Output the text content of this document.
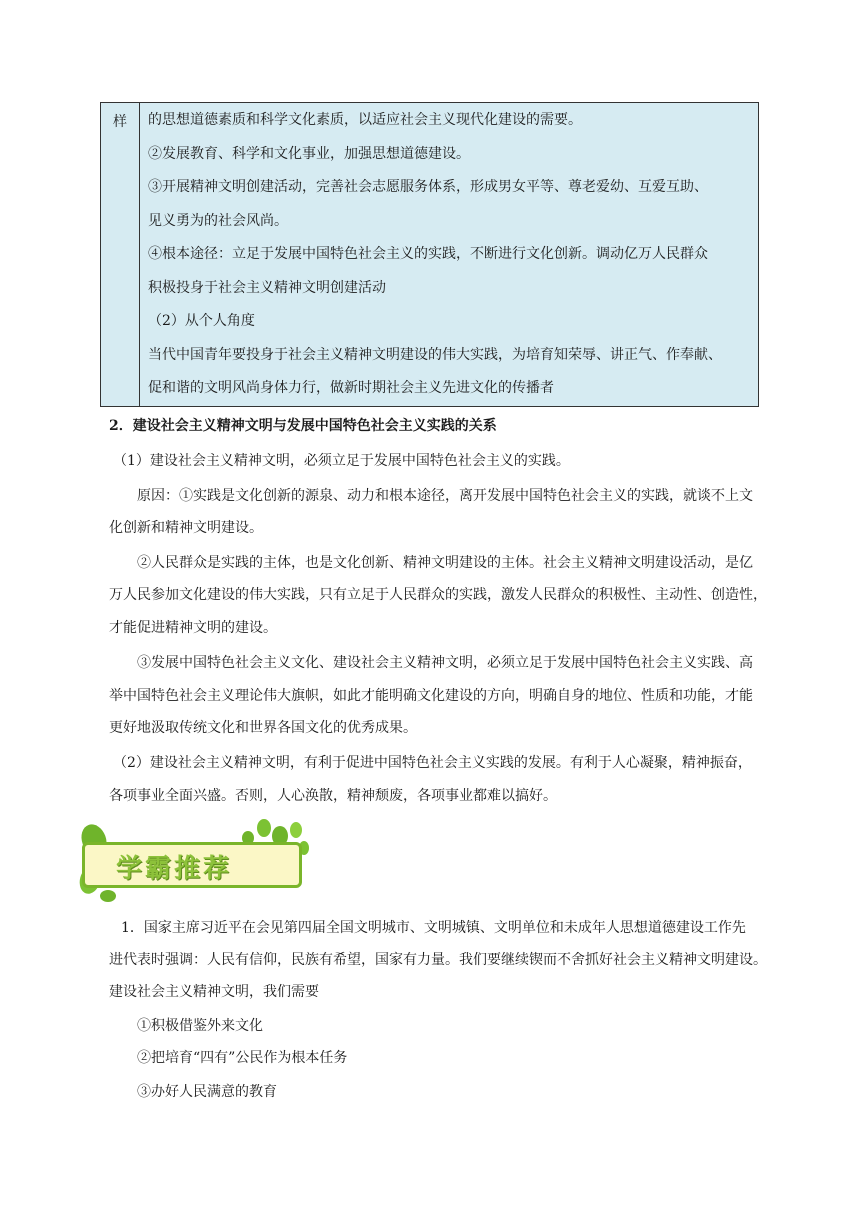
样	的思想道德素质和科学文化素质，以适应社会主义现代化建设的需要。

②发展教育、科学和文化事业，加强思想道德建设。

③开展精神文明创建活动，完善社会志愿服务体系，形成男女平等、尊老爱幼、互爱互助、

见义勇为的社会风尚。

④根本途径：立足于发展中国特色社会主义的实践，不断进行文化创新。调动亿万人民群众

积极投身于社会主义精神文明创建活动

（2）从个人角度

当代中国青年要投身于社会主义精神文明建设的伟大实践，为培育知荣辱、讲正气、作奉献、

促和谐的文明风尚身体力行，做新时期社会主义先进文化的传播者

2．建设社会主义精神文明与发展中国特色社会主义实践的关系
（1）建设社会主义精神文明，必须立足于发展中国特色社会主义的实践。
原因：①实践是文化创新的源泉、动力和根本途径，离开发展中国特色社会主义的实践，就谈不上文
化创新和精神文明建设。
②人民群众是实践的主体，也是文化创新、精神文明建设的主体。社会主义精神文明建设活动，是亿
万人民参加文化建设的伟大实践，只有立足于人民群众的实践，激发人民群众的积极性、主动性、创造性，
才能促进精神文明的建设。
③发展中国特色社会主义文化、建设社会主义精神文明，必须立足于发展中国特色社会主义实践、高
举中国特色社会主义理论伟大旗帜，如此才能明确文化建设的方向，明确自身的地位、性质和功能，才能
更好地汲取传统文化和世界各国文化的优秀成果。
（2）建设社会主义精神文明，有利于促进中国特色社会主义实践的发展。有利于人心凝聚，精神振奋，
各项事业全面兴盛。否则，人心涣散，精神颓废，各项事业都难以搞好。
学霸推荐
1．国家主席习近平在会见第四届全国文明城市、文明城镇、文明单位和未成年人思想道德建设工作先
进代表时强调：人民有信仰，民族有希望，国家有力量。我们要继续锲而不舍抓好社会主义精神文明建设。
建设社会主义精神文明，我们需要
①积极借鉴外来文化
②把培育“四有”公民作为根本任务
③办好人民满意的教育
